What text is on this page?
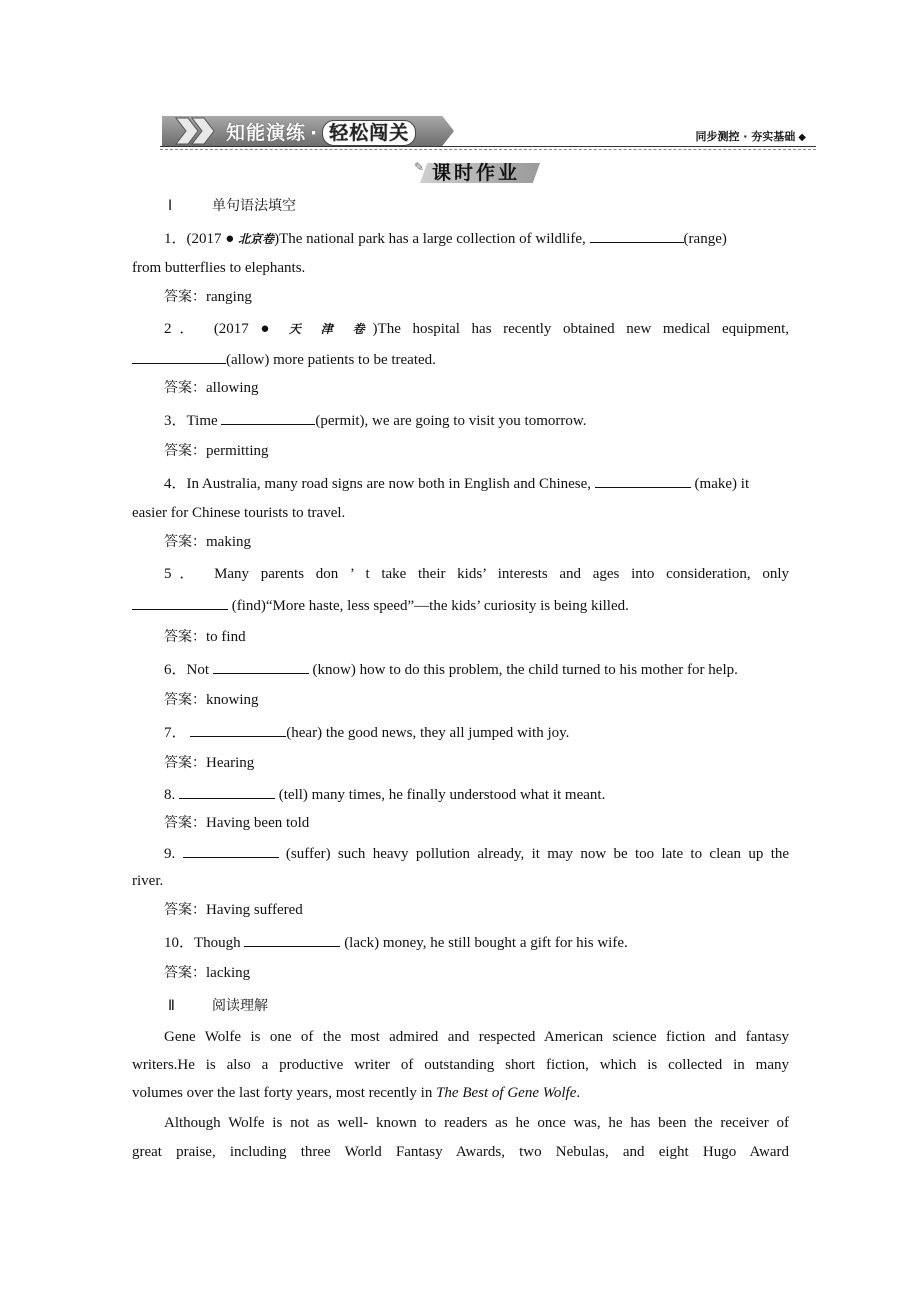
知能演练 · 轻松闯关	同步测控 · 夯实基础 ◆
✎ 课时作业
Ⅰ	单句语法填空
1．(2017 ● 北京卷)The national park has a large collection of wildlife,	(range)
from butterflies to elephants.
答案：ranging
2． (2017 ● 天 津 卷)The hospital has recently obtained new medical equipment,
(allow) more patients to be treated.
答案：allowing
3．Time	(permit), we are going to visit you tomorrow.
答案：permitting
4．In Australia, many road signs are now both in English and Chinese,	(make) it
easier for Chinese tourists to travel.
答案：making
5． Many parents don ’ t take their kids’ interests and ages into consideration, only
(find)“More haste, less speed”—the kids’ curiosity is being killed.
答案：to find
6．Not	(know) how to do this problem, the child turned to his mother for help.
答案：knowing
7．	(hear) the good news, they all jumped with joy.
答案：Hearing
8.	(tell) many times, he finally understood what it meant.
答案：Having been told
9.	(suffer) such heavy pollution already, it may now be too late to clean up the
river.
答案：Having suffered
10．Though	(lack) money, he still bought a gift for his wife.
答案：lacking
Ⅱ	阅读理解
Gene Wolfe is one of the most admired and respected American science fiction and fantasy
writers.He is also a productive writer of outstanding short fiction, which is collected in many
volumes over the last forty years, most recently in The Best of Gene Wolfe.
Although Wolfe is not as well‑ known to readers as he once was, he has been the receiver of
great praise, including three World Fantasy Awards, two Nebulas, and eight Hugo Award
